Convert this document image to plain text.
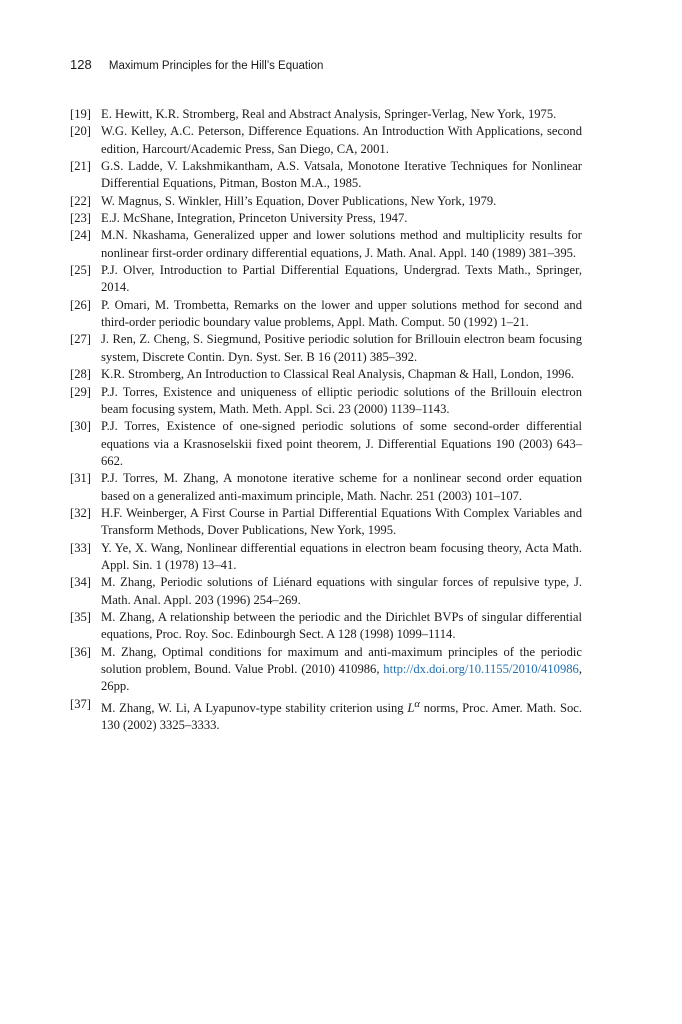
128 Maximum Principles for the Hill’s Equation

[19] E. Hewitt, K.R. Stromberg, Real and Abstract Analysis, Springer-Verlag, New York, 1975.

[20] W.G. Kelley, A.C. Peterson, Difference Equations. An Introduction With Applications, second edition, Harcourt/Academic Press, San Diego, CA, 2001.

[21] G.S. Ladde, V. Lakshmikantham, A.S. Vatsala, Monotone Iterative Techniques for Nonlinear Differential Equations, Pitman, Boston M.A., 1985.

[22] W. Magnus, S. Winkler, Hill’s Equation, Dover Publications, New York, 1979.

[23] E.J. McShane, Integration, Princeton University Press, 1947.

[24] M.N. Nkashama, Generalized upper and lower solutions method and multiplicity results for nonlinear first-order ordinary differential equations, J. Math. Anal. Appl. 140 (1989) 381–395.

[25] P.J. Olver, Introduction to Partial Differential Equations, Undergrad. Texts Math., Springer, 2014.

[26] P. Omari, M. Trombetta, Remarks on the lower and upper solutions method for second and third-order periodic boundary value problems, Appl. Math. Comput. 50 (1992) 1–21.

[27] J. Ren, Z. Cheng, S. Siegmund, Positive periodic solution for Brillouin electron beam focusing system, Discrete Contin. Dyn. Syst. Ser. B 16 (2011) 385–392.

[28] K.R. Stromberg, An Introduction to Classical Real Analysis, Chapman & Hall, London, 1996.

[29] P.J. Torres, Existence and uniqueness of elliptic periodic solutions of the Brillouin electron beam focusing system, Math. Meth. Appl. Sci. 23 (2000) 1139–1143.

[30] P.J. Torres, Existence of one-signed periodic solutions of some second-order differential equations via a Krasnoselskii fixed point theorem, J. Differential Equations 190 (2003) 643–662.

[31] P.J. Torres, M. Zhang, A monotone iterative scheme for a nonlinear second order equation based on a generalized anti-maximum principle, Math. Nachr. 251 (2003) 101–107.

[32] H.F. Weinberger, A First Course in Partial Differential Equations With Complex Variables and Transform Methods, Dover Publications, New York, 1995.

[33] Y. Ye, X. Wang, Nonlinear differential equations in electron beam focusing theory, Acta Math. Appl. Sin. 1 (1978) 13–41.

[34] M. Zhang, Periodic solutions of Liénard equations with singular forces of repulsive type, J. Math. Anal. Appl. 203 (1996) 254–269.

[35] M. Zhang, A relationship between the periodic and the Dirichlet BVPs of singular differential equations, Proc. Roy. Soc. Edinbourgh Sect. A 128 (1998) 1099–1114.

[36] M. Zhang, Optimal conditions for maximum and anti-maximum principles of the periodic solution problem, Bound. Value Probl. (2010) 410986, http://dx.doi.org/10.1155/2010/410986, 26pp.

[37] M. Zhang, W. Li, A Lyapunov-type stability criterion using $L^\alpha$ norms, Proc. Amer. Math. Soc. 130 (2002) 3325–3333.
